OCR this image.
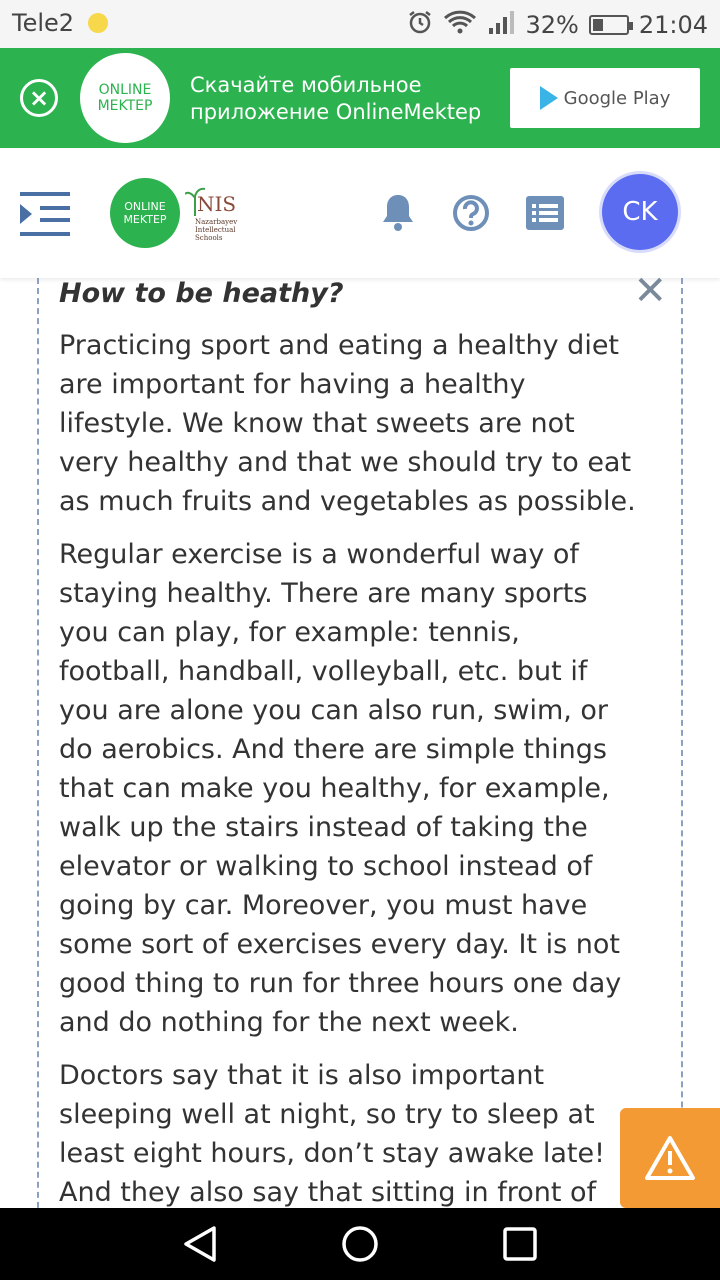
Tele2	32%	21:04
×	ONLINE
MEKTEP
Скачайте мобильное
приложение OnlineMektep
Google Play
ONLINE
MEKTEP
NIS
Nazarbayev
Intellectual
Schools
CK
✕
How to be heathy?

Practicing sport and eating a healthy diet are important for having a healthy lifestyle. We know that sweets are not very healthy and that we should try to eat as much fruits and vegetables as possible.

Regular exercise is a wonderful way of staying healthy. There are many sports you can play, for example: tennis, football, handball, volleyball, etc. but if you are alone you can also run, swim, or do aerobics. And there are simple things that can make you healthy, for example, walk up the stairs instead of taking the elevator or walking to school instead of going by car. Moreover, you must have some sort of exercises every day. It is not good thing to run for three hours one day and do nothing for the next week.

Doctors say that it is also important sleeping well at night, so try to sleep at least eight hours, don’t stay awake late! And they also say that sitting in front of
